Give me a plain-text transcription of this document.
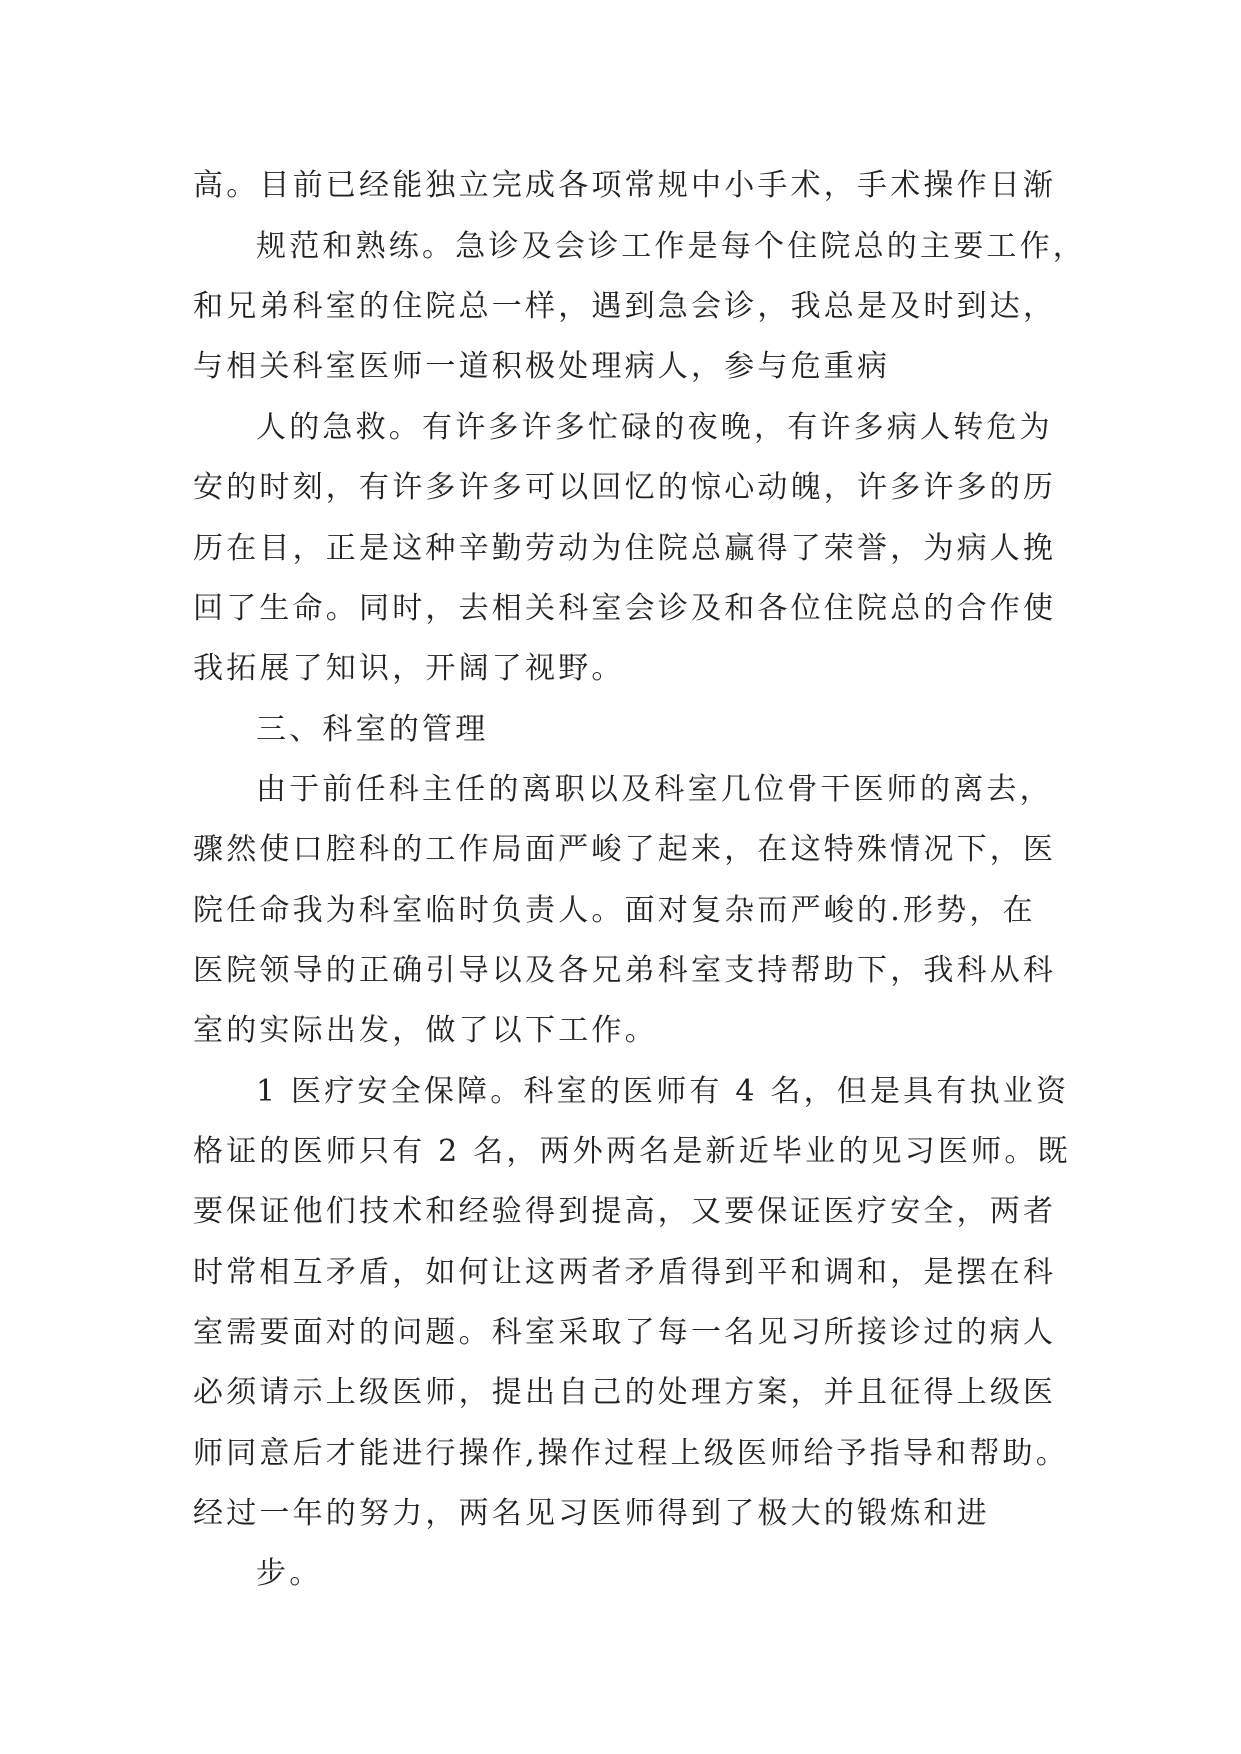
高。目前已经能独立完成各项常规中小手术，手术操作日渐
规范和熟练。急诊及会诊工作是每个住院总的主要工作，
和兄弟科室的住院总一样，遇到急会诊，我总是及时到达，
与相关科室医师一道积极处理病人，参与危重病
人的急救。有许多许多忙碌的夜晚，有许多病人转危为
安的时刻，有许多许多可以回忆的惊心动魄，许多许多的历
历在目，正是这种辛勤劳动为住院总赢得了荣誉，为病人挽
回了生命。同时，去相关科室会诊及和各位住院总的合作使
我拓展了知识，开阔了视野。
三、科室的管理
由于前任科主任的离职以及科室几位骨干医师的离去，
骤然使口腔科的工作局面严峻了起来，在这特殊情况下，医
院任命我为科室临时负责人。面对复杂而严峻的.形势，在
医院领导的正确引导以及各兄弟科室支持帮助下，我科从科
室的实际出发，做了以下工作。
1 医疗安全保障。科室的医师有 4 名，但是具有执业资
格证的医师只有 2 名，两外两名是新近毕业的见习医师。既
要保证他们技术和经验得到提高，又要保证医疗安全，两者
时常相互矛盾，如何让这两者矛盾得到平和调和，是摆在科
室需要面对的问题。科室采取了每一名见习所接诊过的病人
必须请示上级医师，提出自己的处理方案，并且征得上级医
师同意后才能进行操作,操作过程上级医师给予指导和帮助。
经过一年的努力，两名见习医师得到了极大的锻炼和进
步。
